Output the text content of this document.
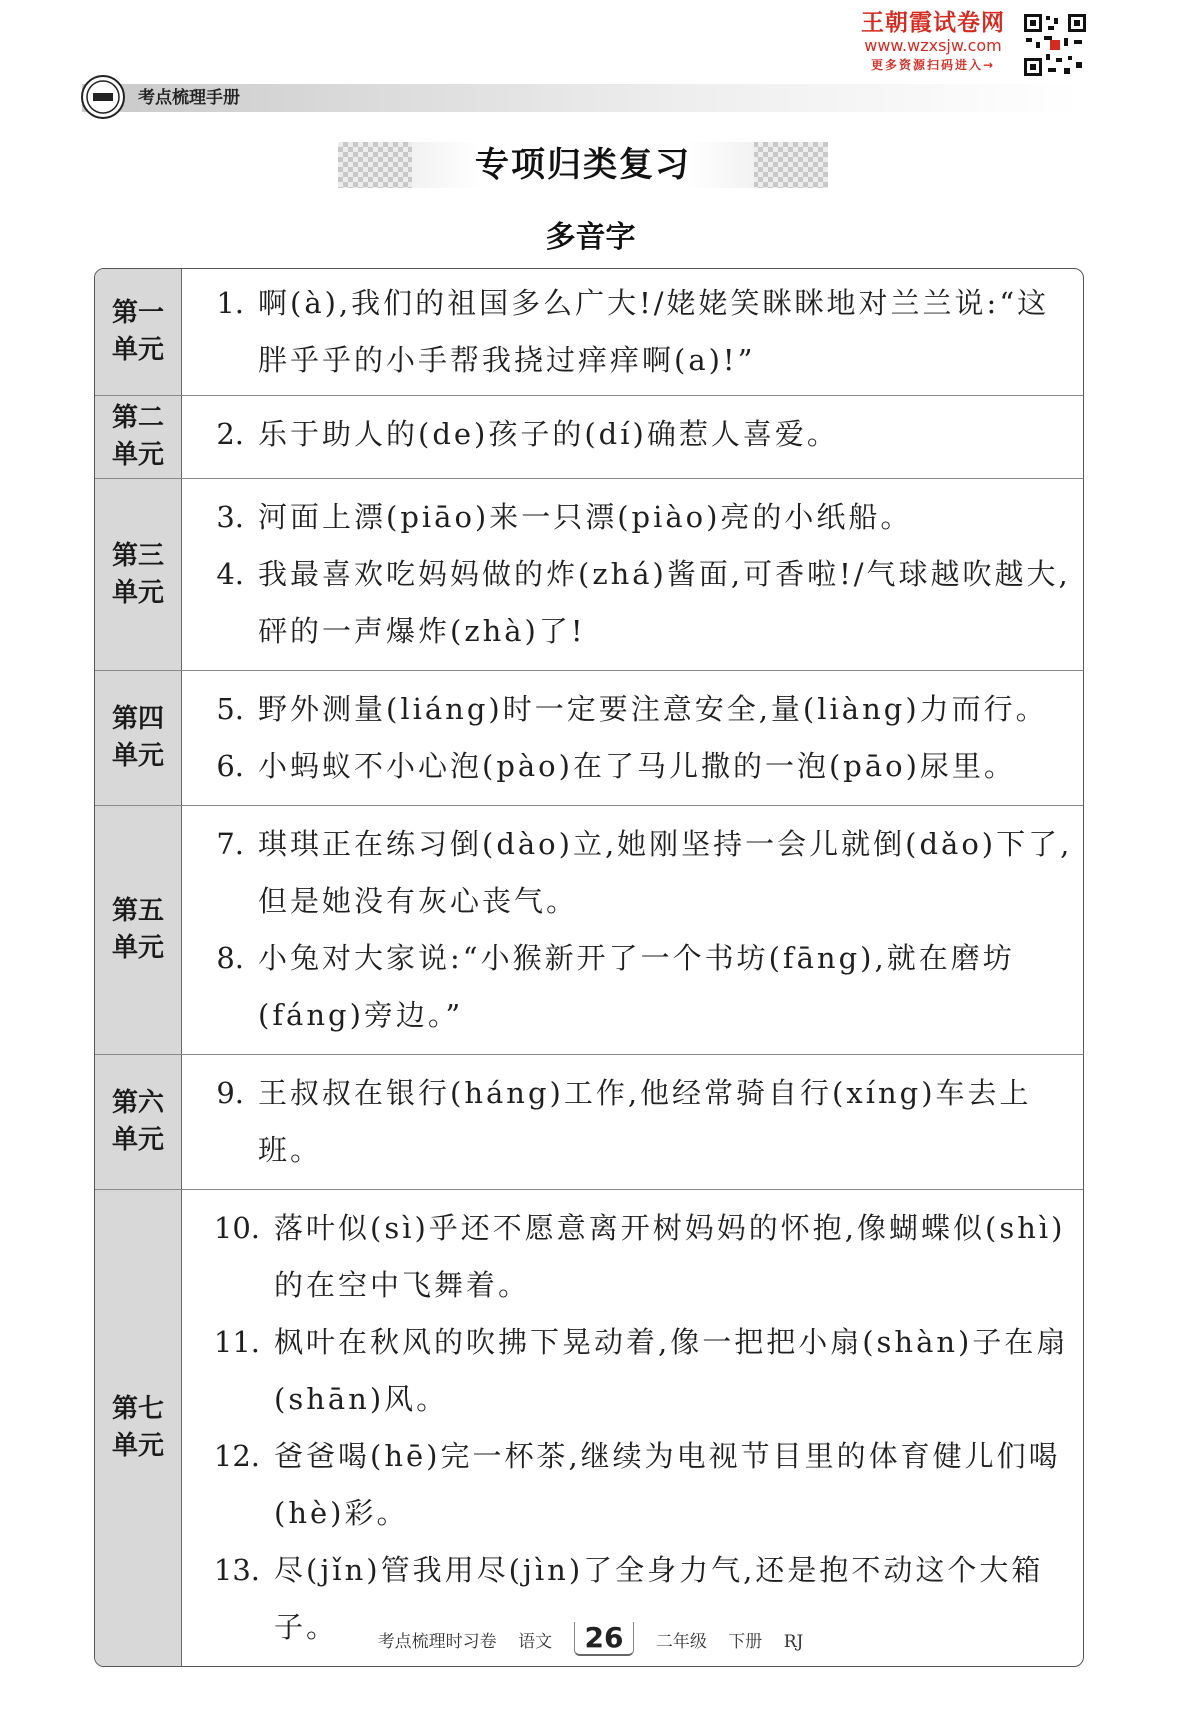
王朝霞试卷网
www.wzxsjw.com
更多资源扫码进入→
考点梳理手册
专项归类复习
多音字
第一单元
1. 啊(à),我们的祖国多么广大!/姥姥笑眯眯地对兰兰说:“这胖乎乎的小手帮我挠过痒痒啊(a)!”
第二单元
2. 乐于助人的(de)孩子的(dí)确惹人喜爱。
第三单元
3. 河面上漂(piāo)来一只漂(piào)亮的小纸船。
4. 我最喜欢吃妈妈做的炸(zhá)酱面,可香啦!/气球越吹越大,砰的一声爆炸(zhà)了!
第四单元
5. 野外测量(liáng)时一定要注意安全,量(liàng)力而行。
6. 小蚂蚁不小心泡(pào)在了马儿撒的一泡(pāo)尿里。
第五单元
7. 琪琪正在练习倒(dào)立,她刚坚持一会儿就倒(dǎo)下了,但是她没有灰心丧气。
8. 小兔对大家说:“小猴新开了一个书坊(fāng),就在磨坊(fáng)旁边。”
第六单元
9. 王叔叔在银行(háng)工作,他经常骑自行(xíng)车去上班。
第七单元
10. 落叶似(sì)乎还不愿意离开树妈妈的怀抱,像蝴蝶似(shì)的在空中飞舞着。
11. 枫叶在秋风的吹拂下晃动着,像一把把小扇(shàn)子在扇(shān)风。
12. 爸爸喝(hē)完一杯茶,继续为电视节目里的体育健儿们喝(hè)彩。
13. 尽(jǐn)管我用尽(jìn)了全身力气,还是抱不动这个大箱子。	考点梳理时习卷 语文 26 二年级 下册 RJ
